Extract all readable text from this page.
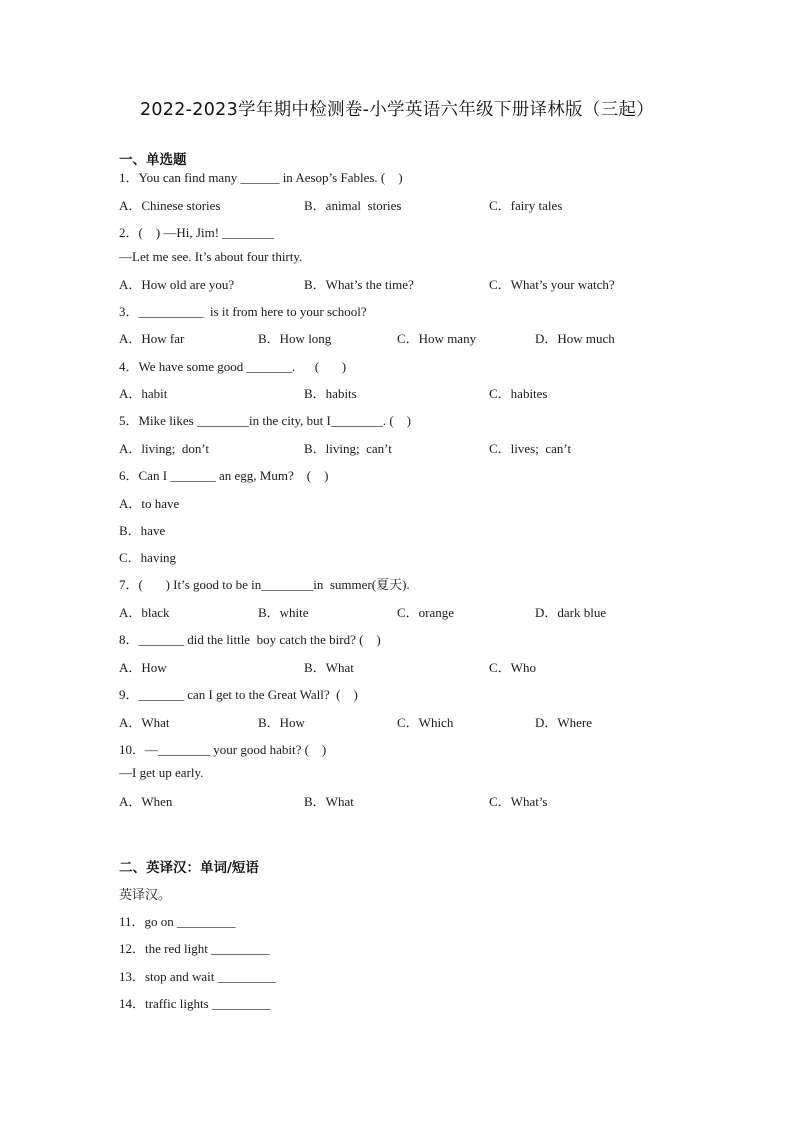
2022-2023学年期中检测卷-小学英语六年级下册译林版（三起）
一、单选题
1．You can find many ______ in Aesop’s Fables. (    )
A．Chinese stories	B．animal  stories	C．fairy tales
2．(    ) —Hi, Jim! ________
—Let me see. It’s about four thirty.
A．How old are you?	B．What’s the time?	C．What’s your watch?
3．__________  is it from here to your school?
A．How far	B．How long	C．How many	D．How much
4．We have some good _______.      (       )
A．habit	B．habits	C．habites
5．Mike likes ________in the city, but I________. (    )
A．living;  don’t	B．living;  can’t	C．lives;  can’t
6．Can I _______ an egg, Mum?    (    )
A．to have
B．have
C．having
7．(       ) It’s good to be in________in  summer(夏天).
A．black	B．white	C．orange	D．dark blue
8．_______ did the little  boy catch the bird? (    )
A．How	B．What	C．Who
9．_______ can I get to the Great Wall?  (    )
A．What	B．How	C．Which	D．Where
10．—________ your good habit? (    )
—I get up early.
A．When	B．What	C．What’s
二、英译汉：单词/短语
英译汉。
11．go on _________
12．the red light _________
13．stop and wait _________
14．traffic lights _________
